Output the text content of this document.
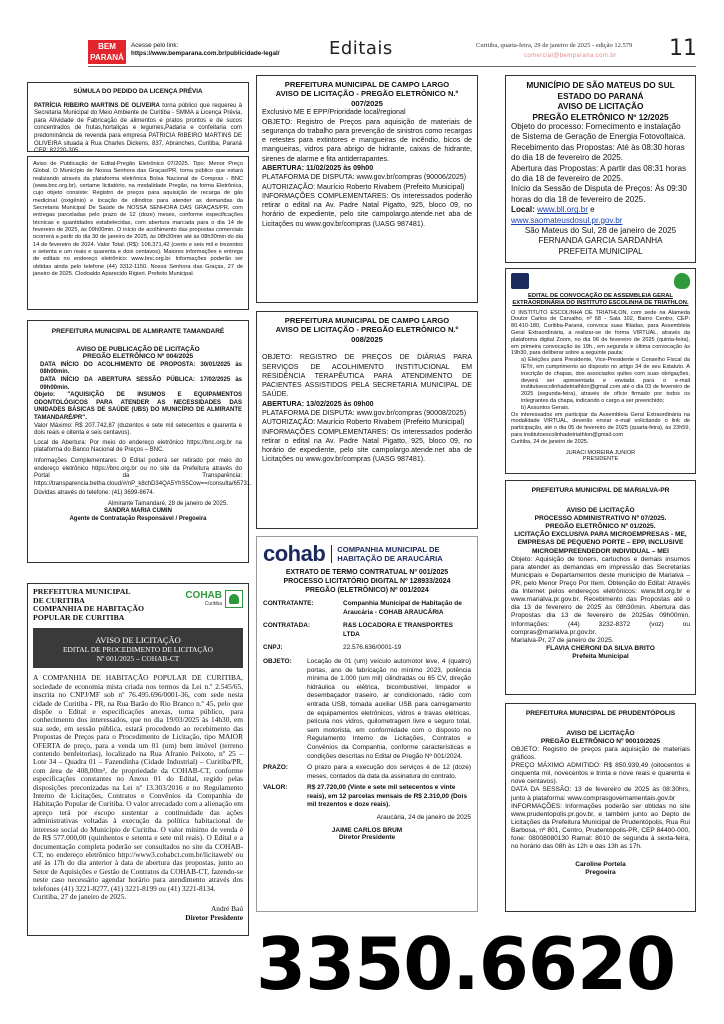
BEM
PARANÁ
Acesse pelo link:
https://www.bemparana.com.br/publicidade-legal/	Editais	Curitiba, quarta-feira, 29 de janeiro de 2025 - edição 12.579
comercial@bemparana.com.br 11
SÚMULA DO PEDIDO DA LICENÇA PRÉVIA
PATRÍCIA RIBEIRO MARTINS DE OLIVEIRA torna público que requereu à Secretaria Municipal do Meio Ambiente de Curitiba - SMMA a Licença Prévia, para Atividade de Fabricação de alimentos e pratos prontos e de sucos concentrados de frutas,hortaliças e legumes,Padaria e confeitaria com predominância de revenda para empresa PATRICIA RIBEIRO MARTINS DE OLIVEIRA situada à Rua Charles Dickens, 837, Abranches, Curitiba, Paraná CEP: 82220-305.
Aviso de Publicação de Edital-Pregão Eletrônico 07/2025. Tipo: Menor Preço Global. O Município de Nossa Senhora das Graças/PR, torna público que estará realizando através da plataforma eletrônica Bolsa Nacional de Compras - BNC (www.bnc.org.br), certame licitatório, na modalidade Pregão, na forma Eletrônica, cujo objeto consiste: Registro de preços para aquisição de recarga de gás medicinal (oxigênio) e locação de cilindros para atender as demandas da Secretaria Municipal De Saúde de NOSSA SENHORA DAS GRAÇAS/PR, com entregas parceladas pelo prazo de 12 (doze) meses, conforme especificações técnicas e quantidades estabelecidas, com abertura marcada para o dia 14 de fevereiro de 2025, às 09h00min. O início de acolhimento das propostas comerciais ocorrerá a partir do dia 30 de janeiro de 2025, às 08h30min até às 08h30min do dia 14 de fevereiro de 2024. Valor Total: (R$): 106.371,42 (cento e seis mil e trezentos e setenta e um reais e quarenta e dois centavos). Maiores informações e entrega de editais no endereço eletrônico: www.bnc.org.br. Informações poderão ser obtidas ainda pelo telefone (44) 3312-1150. Nossa Senhora das Graças, 27 de janeiro de 2025. Clodoaldo Aparecido Rigieri. Prefeito Municipal.
PREFEITURA MUNICIPAL DE ALMIRANTE TAMANDARÉ
AVISO DE PUBLICAÇÃO DE LICITAÇÃO
PREGÃO ELETRÔNICO Nº 004/2025
DATA INÍCIO DO ACOLHIMENTO DE PROPOSTA: 30/01/2025 às 08h00min.
DATA INÍCIO DA ABERTURA SESSÃO PÚBLICA: 17/02/2025 às 09h00min.
Objeto: "AQUISIÇÃO DE INSUMOS E EQUIPAMENTOS ODONTOLÓGICOS PARA ATENDER AS NECESSIDADES DAS UNIDADES BÁSICAS DE SAÚDE (UBS) DO MUNICÍPIO DE ALMIRANTE TAMANDARÉ/PR".
Valor Máximo: R$ 207.742,87 (duzentos e sete mil setecentos e quarenta e dois reais e oitenta e seis centavos).
Local de Abertura: Por meio do endereço eletrônico https://bnc.org.br na plataforma do Banco Nacional de Preços – BNC.
Informações Complementares: O Edital poderá ser retirado por meio do endereço eletrônico https://bnc.org.br ou no site da Prefeitura através do Portal da Transparência: https://transparencia.betha.cloud/#/nP_k8chD34QA5YhS5Cow==/consulta/65731.
Dúvidas através do telefone: (41) 3699-8674.
Almirante Tamandaré, 28 de janeiro de 2025.
SANDRA MARIA CUMIN
Agente de Contratação Responsável / Pregoeira
PREFEITURA MUNICIPAL
DE CURITIBA
COMPANHIA DE HABITAÇÃO
POPULAR DE CURITIBA
COHAB
Curitiba
AVISO DE LICITAÇÃO
EDITAL DE PROCEDIMENTO DE LICITAÇÃO
Nº 001/2025 – COHAB-CT
A COMPANHIA DE HABITAÇÃO POPULAR DE CURITIBA, sociedade de economia mista criada nos termos da Lei n.º 2.545/65, inscrita no CNPJ/MF sob nº 76.495.696/0001-36, com sede nesta cidade de Curitiba - PR, na Rua Barão do Rio Branco n.º 45, pelo que dispõe o Edital e especificações anexas, torna público, para conhecimento dos interessados, que no dia 19/03/2025 às 14h30, em sua sede, em sessão pública, estará procedendo ao recebimento das Propostas de Preços para o Procedimento de Licitação, tipo MAIOR OFERTA de preço, para a venda um 01 (um) bem imóvel (terreno contendo benfeitorias), localizado na Rua Afranio Peixoto, nº 25 – Lote 34 – Quadra 01 – Fazendinha (Cidade Industrial) – Curitiba/PR, com área de 408,00m², de propriedade da COHAB-CT, conforme especificações constantes no Anexo 01 do Edital, regido pelas disposições preconizadas na Lei nº 13.303/2016 e no Regulamento Interno de Licitações, Contratos e Convênios da Companhia de Habitação Popular de Curitiba. O valor arrecadado com a alienação em apreço terá por escopo sustentar a continuidade das ações administrativas voltadas à execução da política habitacional de interesse social do Município de Curitiba. O valor mínimo de venda é de R$ 577.000,00 (quinhentos e setenta e sete mil reais). O Edital e a documentação completa poderão ser consultados no site da COHAB-CT, no endereço eletrônico http://www3.cohabct.com.br/licitaweb/ ou até às 17h do dia anterior à data de abertura das propostas, junto ao Setor de Aquisições e Gestão de Contratos da COHAB-CT, fazendo-se neste caso necessário agendar horário para atendimento através dos telefones (41) 3221-8277, (41) 3221-8199 ou (41) 3221-8134.
Curitiba, 27 de janeiro de 2025.
André Baú
Diretor Presidente
PREFEITURA MUNICIPAL DE CAMPO LARGO
AVISO DE LICITAÇÃO - PREGÃO ELETRÔNICO N.º 007/2025
Exclusivo ME E EPP/Prioridade local/regional
OBJETO: Registro de Preços para aquisição de materiais de segurança do trabalho para prevenção de sinistros como recargas e retestes para extintores e mangueiras de incêndio, bicos de mangueiras, vidros para abrigo de hidrante, caixas de hidrante, sirenes de alarme e fita antiderrapantes.
ABERTURA: 11/02/2025 às 09h00
PLATAFORMA DE DISPUTA: www.gov.br/compras (90006/2025)
AUTORIZAÇÃO: Maurício Roberto Rivabem (Prefeito Municipal)
INFORMAÇÕES COMPLEMENTARES: Os interessados poderão retirar o edital na Av. Padre Natal Pigatto, 925, bloco 09, no horário de expediente, pelo site campolargo.atende.net aba de Licitações ou www.gov.br/compras (UASG 987481).
PREFEITURA MUNICIPAL DE CAMPO LARGO
AVISO DE LICITAÇÃO - PREGÃO ELETRÔNICO N.º 008/2025
OBJETO: REGISTRO DE PREÇOS DE DIÁRIAS PARA SERVIÇOS DE ACOLHIMENTO INSTITUCIONAL EM RESIDÊNCIA TERAPÊUTICA PARA ATENDIMENTO DE PACIENTES ASSISTIDOS PELA SECRETARIA MUNICIPAL DE SAÚDE.
ABERTURA: 13/02/2025 às 09h00
PLATAFORMA DE DISPUTA: www.gov.br/compras (90008/2025)
AUTORIZAÇÃO: Maurício Roberto Rivabem (Prefeito Municipal)
INFORMAÇÕES COMPLEMENTARES: Os interessados poderão retirar o edital na Av. Padre Natal Pigatto, 925, bloco 09, no horário de expediente, pelo site campolargo.atende.net aba de Licitações ou www.gov.br/compras (UASG 987481).
cohab COMPANHIA MUNICIPAL DE
HABITAÇÃO DE ARAUCÁRIA
EXTRATO DE TERMO CONTRATUAL Nº 001/2025
PROCESSO LICITATÓRIO DIGITAL Nº 128933/2024
PREGÃO (ELETRÔNICO) Nº 001/2024
CONTRATANTE:	Companhia Municipal de Habitação de Araucária - COHAB ARAUCÁRIA
CONTRATADA:	R&S LOCADORA E TRANSPORTES LTDA
CNPJ:	22.576.636/0001-19
OBJETO:	Locação de 01 (um) veículo automotor leve, 4 (quatro) portas, ano de fabricação no mínimo 2023, potência mínima de 1.000 (um mil) cilindradas ou 65 CV, direção hidráulica ou elétrica, bicombustível, limpador e desembaçador traseiro, ar condicionado, rádio com entrada USB, tomada auxiliar USB para carregamento de equipamentos eletrônicos, vidros e travas elétricas, película nos vidros, quilometragem livre e seguro total, sem motorista, em conformidade com o disposto no Regulamento Interno de Licitações, Contratos e Convênios da Companhia, conforme características e condições descritas no Edital de Pregão Nº 001/2024.
PRAZO:	O prazo para a execução dos serviços é de 12 (doze) meses, contados da data da assinatura do contrato.
VALOR:	R$ 27.720,00 (Vinte e sete mil setecentos e vinte reais), em 12 parcelas mensais de R$ 2.310,00 (Dois mil trezentos e doze reais).
Araucária, 24 de janeiro de 2025
JAIME CARLOS BRUM
Diretor Presidente
3350.6620
MUNICÍPIO DE SÃO MATEUS DO SUL
ESTADO DO PARANÁ
AVISO DE LICITAÇÃO
PREGÃO ELETRÔNICO Nº 12/2025
Objeto do processo: Fornecimento e instalação de Sistema de Geração de Energia Fotovoltaica.
Recebimento das Propostas: Até às 08:30 horas do dia 18 de fevereiro de 2025.
Abertura das Propostas: A partir das 08:31 horas do dia 18 de fevereiro de 2025.
Início da Sessão de Disputa de Preços: Às 09:30 horas do dia 18 de fevereiro de 2025.
Local: www.bll.org.br e
www.saomateusdosul.pr.gov.br
São Mateus do Sul, 28 de janeiro de 2025
FERNANDA GARCIA SARDANHA
PREFEITA MUNICIPAL
EDITAL DE CONVOCAÇÃO DE ASSEMBLEIA GERAL
EXTRAORDINÁRIA DO INSTITUTO ESCOLINHA DE TRIATHLON.
O INSTITUTO ESCOLINHA DE TRIATHLON, com sede na Alameda Doutor Carlos de Carvalho, nº 68 - Sala 102, Bairro Centro, CEP: 80.410-180, Curitiba-Paraná, convoca suas filiadas, para Assembleia Geral Extraordinária, a realizar-se de forma VIRTUAL, através da plataforma digital Zoom, no dia 06 de fevereiro de 2025 (quinta-feira), em primeira convocação às 19h., em segunda e última convocação às 19h30, para deliberar sobre a seguinte pauta:
a) Eleições para Presidente, Vice-Presidente e Conselho Fiscal da IETri, em cumprimento ao disposto no artigo 34 de seu Estatuto. A inscrição de chapas, dos associados quites com suas obrigações, deverá ser apresentada e enviada para o e-mail institutoescolinhadetriathlon@gmail.com até o dia 03 de fevereiro de 2025 (segunda-feira), através de ofício firmado por todos os integrantes da chapa, indicando o cargo a ser preenchido;
b) Assuntos Gerais.
Os interessados em participar da Assembleia Geral Extraordinária na modalidade VIRTUAL, deverão enviar e-mail solicitando o link de participação, até o dia 05 de fevereiro de 2025 (quarta-feira), às 23h59, para institutoescolinhadetriathlon@gmail.com
Curitiba, 24 de janeiro de 2025.
JURACI MOREIRA JUNIOR
PRESIDENTE
PREFEITURA MUNICIPAL DE MARIALVA-PR
AVISO DE LICITAÇÃO
PROCESSO ADMINISTRATIVO Nº 07/2025.
PREGÃO ELETRÔNICO Nº 01/2025.
LICITAÇÃO EXCLUSIVA PARA MICROEMPRESAS - ME, EMPRESAS DE PEQUENO PORTE – EPP, INCLUSIVE MICROEMPREENDEDOR INDIVIDUAL – MEI
Objeto: Aquisição de toners, cartuchos e demais insumos para atender as demandas em impressão das Secretarias Municipais e Departamentos deste município de Marialva – PR, pelo Menor Preço Por Item. Obtenção do Edital: Através da Internet pelos endereços eletrônicos: www.bll.org.br e www.marialva.pr.gov.br. Recebimento das Propostas até o dia 13 de fevereiro de 2025 às 08h30min. Abertura das Propostas dia 13 de fevereiro de 2025às 09h00min. Informações: (44) 3232-8372 (voz) ou compras@marialva.pr.gov.br.
Marialva-Pr, 27 de janeiro de 2025.
FLAVIA CHERONI DA SILVA BRITO
Prefeita Municipal
PREFEITURA MUNICIPAL DE PRUDENTÓPOLIS
AVISO DE LICITAÇÃO
PREGÃO ELETRÔNICO Nº 90010/2025
OBJETO: Registro de preços para aquisição de materiais gráficos.
PREÇO MÁXIMO ADMITIDO: R$ 850.939,49 (oitocentos e cinquenta mil, novecentos e trinta e nove reais e quarenta e nove centavos).
DATA DA SESSÃO: 13 de fevereiro de 2025 às 08:30hrs, junto à plataforma: www.comprasgovernamentais.gov.br
INFORMAÇÕES: Informações poderão ser obtidas no site www.prudentopolis.pr.gov.br, e também junto ao Depto de Licitações da Prefeitura Municipal de Prudentópolis, Rua Rui Barbosa, nº 801, Centro, Prudentópolis-PR, CEP 84400-000, fone: 08008080130 Ramal: 8010 de segunda à sexta-feira, no horário das 08h às 12h e das 13h as 17h.
Caroline Portela
Pregoeira
